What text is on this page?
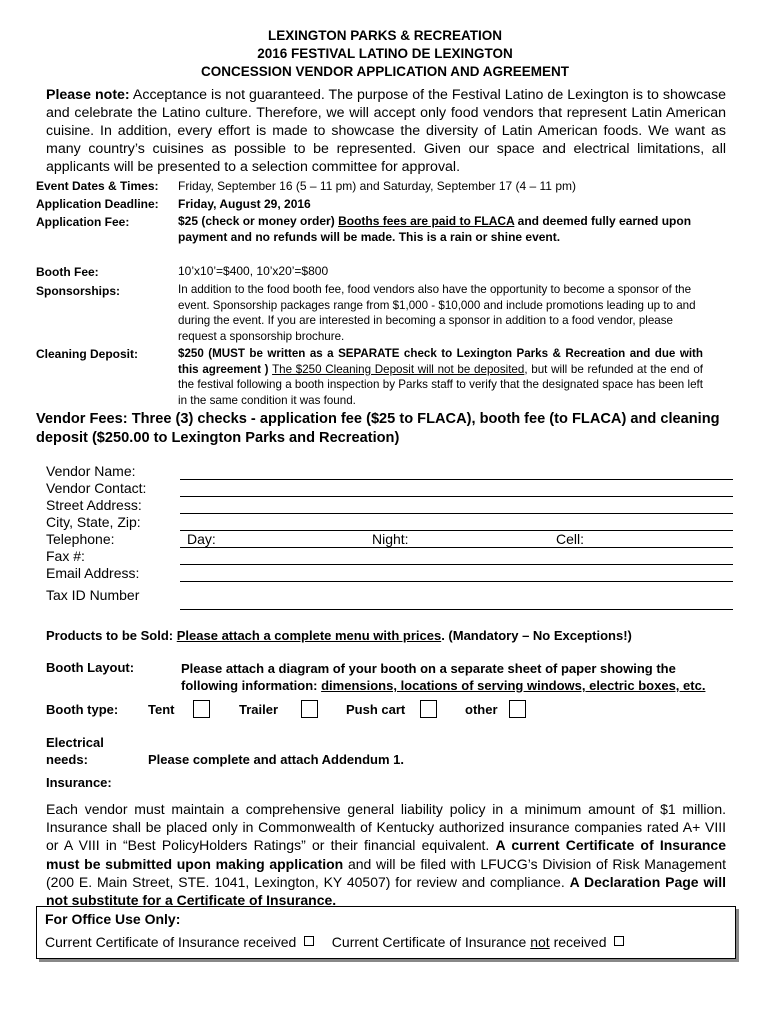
LEXINGTON PARKS & RECREATION
2016 FESTIVAL LATINO DE LEXINGTON
CONCESSION VENDOR APPLICATION AND AGREEMENT
Please note: Acceptance is not guaranteed. The purpose of the Festival Latino de Lexington is to showcase and celebrate the Latino culture. Therefore, we will accept only food vendors that represent Latin American cuisine. In addition, every effort is made to showcase the diversity of Latin American foods. We want as many country’s cuisines as possible to be represented. Given our space and electrical limitations, all applicants will be presented to a selection committee for approval.
Event Dates & Times: Friday, September 16 (5 – 11 pm) and Saturday, September 17 (4 – 11 pm)
Application Deadline: Friday, August 29, 2016
Application Fee:	$25 (check or money order) Booths fees are paid to FLACA and deemed fully earned upon payment and no refunds will be made. This is a rain or shine event.
Booth Fee:	10’x10’=$400, 10’x20’=$800
Sponsorships:	In addition to the food booth fee, food vendors also have the opportunity to become a sponsor of the event. Sponsorship packages range from $1,000 - $10,000 and include promotions leading up to and during the event. If you are interested in becoming a sponsor in addition to a food vendor, please request a sponsorship brochure.
Cleaning Deposit:	$250 (MUST be written as a SEPARATE check to Lexington Parks & Recreation and due with this agreement ) The $250 Cleaning Deposit will not be deposited, but will be refunded at the end of the festival following a booth inspection by Parks staff to verify that the designated space has been left in the same condition it was found.
Vendor Fees: Three (3) checks - application fee ($25 to FLACA), booth fee (to FLACA) and cleaning deposit ($250.00 to Lexington Parks and Recreation)
Vendor Name:
Vendor Contact:
Street Address:
City, State, Zip:
Telephone:	Day:	Night:	Cell:
Fax #:
Email Address:
Tax ID Number
Products to be Sold: Please attach a complete menu with prices. (Mandatory – No Exceptions!)
Booth Layout:	Please attach a diagram of your booth on a separate sheet of paper showing the following information: dimensions, locations of serving windows, electric boxes, etc.
Booth type: Tent	Trailer	Push cart	other
Electrical
needs:	Please complete and attach Addendum 1.
Insurance:
Each vendor must maintain a comprehensive general liability policy in a minimum amount of $1 million. Insurance shall be placed only in Commonwealth of Kentucky authorized insurance companies rated A+ VIII or A VIII in “Best PolicyHolders Ratings” or their financial equivalent. A current Certificate of Insurance must be submitted upon making application and will be filed with LFUCG’s Division of Risk Management (200 E. Main Street, STE. 1041, Lexington, KY 40507) for review and compliance. A Declaration Page will not substitute for a Certificate of Insurance.
For Office Use Only:
Current Certificate of Insurance received	Current Certificate of Insurance not received
